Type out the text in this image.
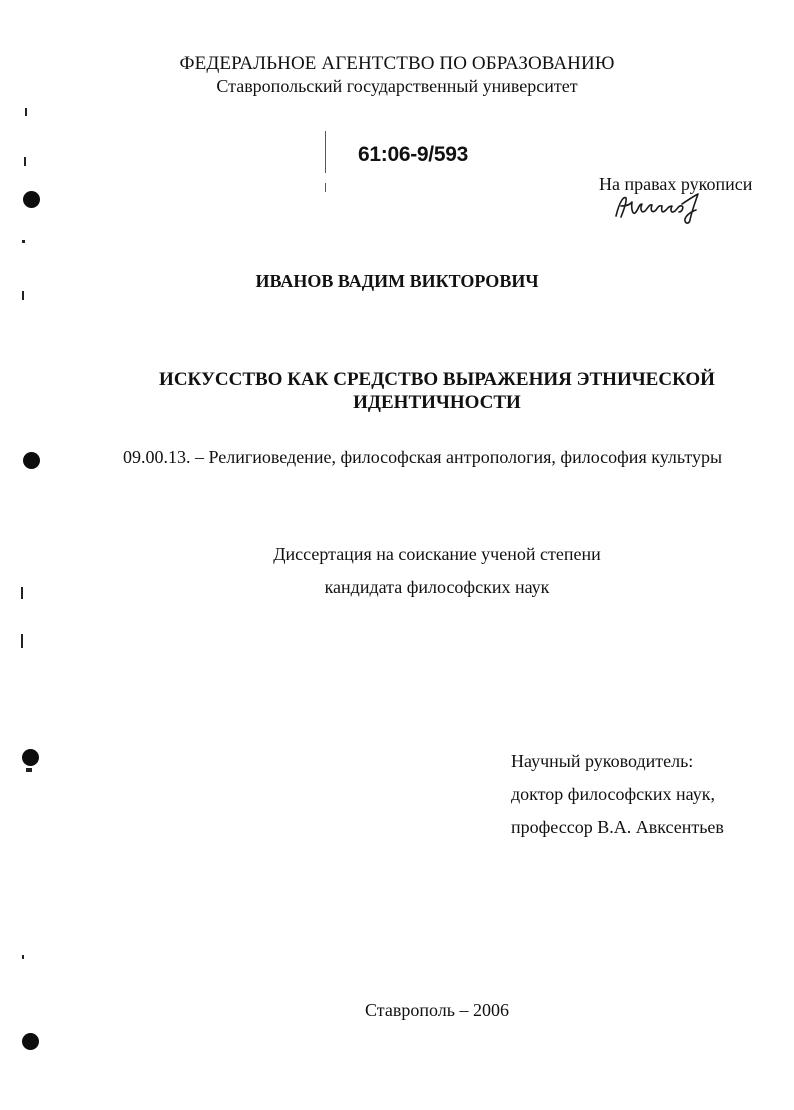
ФЕДЕРАЛЬНОЕ АГЕНТСТВО ПО ОБРАЗОВАНИЮ
Ставропольский государственный университет
61:06-9/593
На правах рукописи
ИВАНОВ ВАДИМ ВИКТОРОВИЧ
ИСКУССТВО КАК СРЕДСТВО ВЫРАЖЕНИЯ ЭТНИЧЕСКОЙ
ИДЕНТИЧНОСТИ
09.00.13. – Религиоведение, философская антропология, философия культуры
Диссертация на соискание ученой степени
кандидата философских наук
Научный руководитель:
доктор философских наук,
профессор В.А. Авксентьев
Ставрополь – 2006
